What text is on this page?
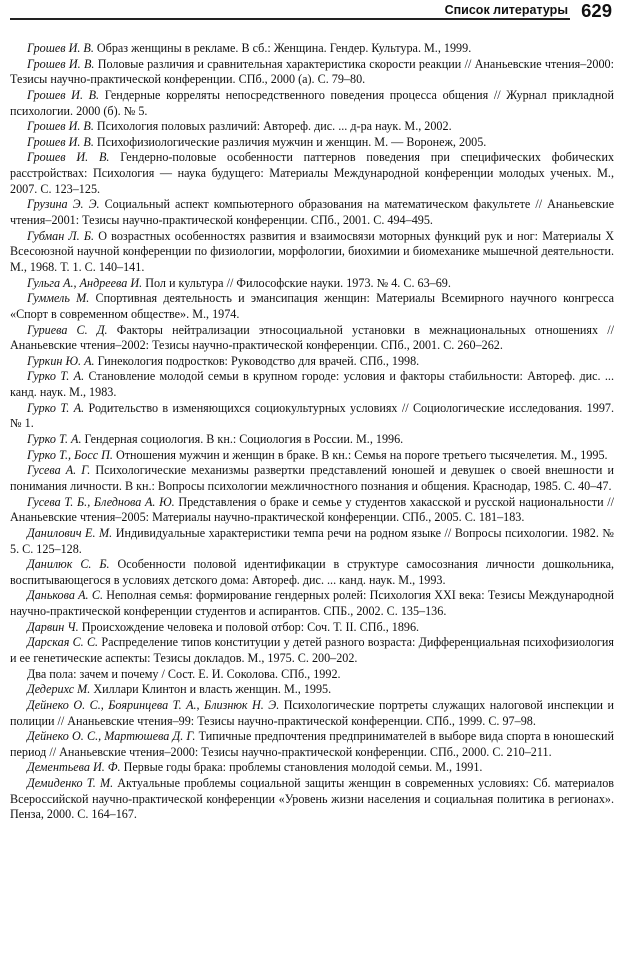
Список литературы 629

Грошев И. В. Образ женщины в рекламе. В сб.: Женщина. Гендер. Культура. М., 1999.

Грошев И. В. Половые различия и сравнительная характеристика скорости реакции // Ананьевские чтения–2000: Тезисы научно-практической конференции. СПб., 2000 (а). С. 79–80.

Грошев И. В. Гендерные корреляты непосредственного поведения процесса общения // Журнал прикладной психологии. 2000 (б). № 5.

Грошев И. В. Психология половых различий: Автореф. дис. ... д-ра наук. М., 2002.

Грошев И. В. Психофизиологические различия мужчин и женщин. М. — Воронеж, 2005.

Грошев И. В. Гендерно-половые особенности паттернов поведения при специфических фобических расстройствах: Психология — наука будущего: Материалы Международной конференции молодых ученых. М., 2007. С. 123–125.

Грузина Э. Э. Социальный аспект компьютерного образования на математическом факультете // Ананьевские чтения–2001: Тезисы научно-практической конференции. СПб., 2001. С. 494–495.

Губман Л. Б. О возрастных особенностях развития и взаимосвязи моторных функций рук и ног: Материалы X Всесоюзной научной конференции по физиологии, морфологии, биохимии и биомеханике мышечной деятельности. М., 1968. Т. 1. С. 140–141.

Гульга А., Андреева И. Пол и культура // Философские науки. 1973. № 4. С. 63–69.

Гуммель М. Спортивная деятельность и эмансипация женщин: Материалы Всемирного научного конгресса «Спорт в современном обществе». М., 1974.

Гуриева С. Д. Факторы нейтрализации этносоциальной установки в межнациональных отношениях // Ананьевские чтения–2002: Тезисы научно-практической конференции. СПб., 2001. С. 260–262.

Гуркин Ю. А. Гинекология подростков: Руководство для врачей. СПб., 1998.

Гурко Т. А. Становление молодой семьи в крупном городе: условия и факторы стабильности: Автореф. дис. ... канд. наук. М., 1983.

Гурко Т. А. Родительство в изменяющихся социокультурных условиях // Социологические исследования. 1997. № 1.

Гурко Т. А. Гендерная социология. В кн.: Социология в России. М., 1996.

Гурко Т., Босс П. Отношения мужчин и женщин в браке. В кн.: Семья на пороге третьего тысячелетия. М., 1995.

Гусева А. Г. Психологические механизмы развертки представлений юношей и девушек о своей внешности и понимания личности. В кн.: Вопросы психологии межличностного познания и общения. Краснодар, 1985. С. 40–47.

Гусева Т. Б., Бледнова А. Ю. Представления о браке и семье у студентов хакасской и русской национальности // Ананьевские чтения–2005: Материалы научно-практической конференции. СПб., 2005. С. 181–183.

Данилович Е. М. Индивидуальные характеристики темпа речи на родном языке // Вопросы психологии. 1982. № 5. С. 125–128.

Данилюк С. Б. Особенности половой идентификации в структуре самосознания личности дошкольника, воспитывающегося в условиях детского дома: Автореф. дис. ... канд. наук. М., 1993.

Данькова А. С. Неполная семья: формирование гендерных ролей: Психология XXI века: Тезисы Международной научно-практической конференции студентов и аспирантов. СПБ., 2002. С. 135–136.

Дарвин Ч. Происхождение человека и половой отбор: Соч. Т. II. СПб., 1896.

Дарская С. С. Распределение типов конституции у детей разного возраста: Дифференциальная психофизиология и ее генетические аспекты: Тезисы докладов. М., 1975. С. 200–202.

Два пола: зачем и почему / Сост. Е. И. Соколова. СПб., 1992.

Дедерихс М. Хиллари Клинтон и власть женщин. М., 1995.

Дейнеко О. С., Бояринцева Т. А., Близнюк Н. Э. Психологические портреты служащих налоговой инспекции и полиции // Ананьевские чтения–99: Тезисы научно-практической конференции. СПб., 1999. С. 97–98.

Дейнеко О. С., Мартюшева Д. Г. Типичные предпочтения предпринимателей в выборе вида спорта в юношеский период // Ананьевские чтения–2000: Тезисы научно-практической конференции. СПб., 2000. С. 210–211.

Дементьева И. Ф. Первые годы брака: проблемы становления молодой семьи. М., 1991.

Демиденко Т. М. Актуальные проблемы социальной защиты женщин в современных условиях: Сб. материалов Всероссийской научно-практической конференции «Уровень жизни населения и социальная политика в регионах». Пенза, 2000. С. 164–167.
